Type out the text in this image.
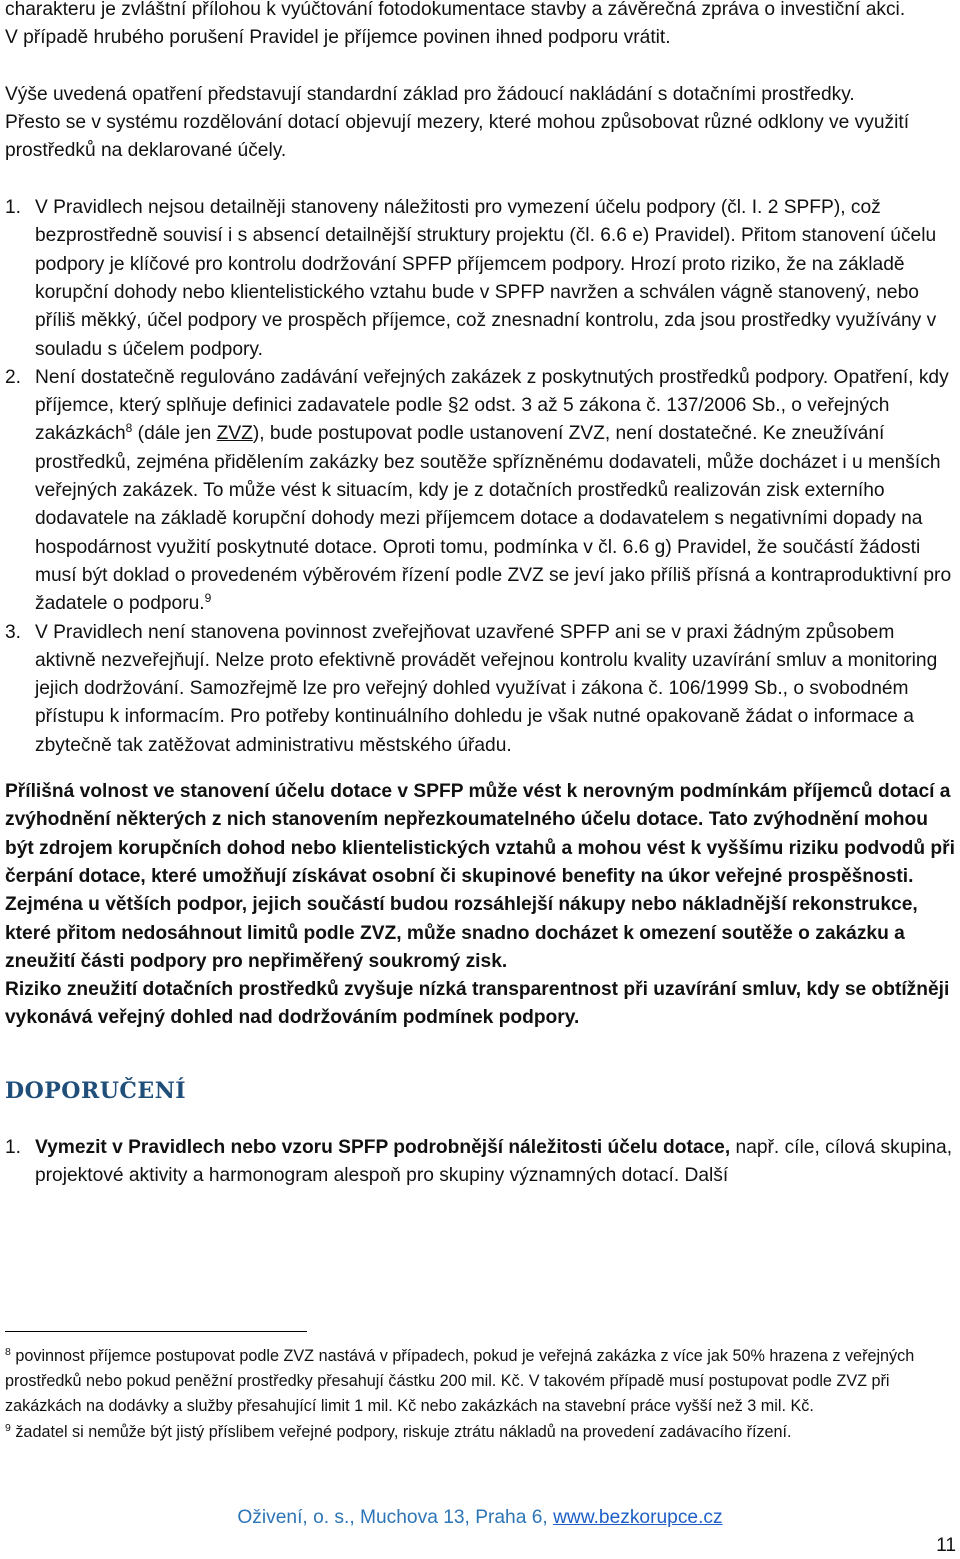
charakteru je zvláštní přílohou k vyúčtování fotodokumentace stavby a závěrečná zpráva o investiční akci.

V případě hrubého porušení Pravidel je příjemce povinen ihned podporu vrátit.

Výše uvedená opatření představují standardní základ pro žádoucí nakládání s dotačními prostředky.

Přesto se v systému rozdělování dotací objevují mezery, které mohou způsobovat různé odklony ve využití prostředků na deklarované účely.

1. V Pravidlech nejsou detailněji stanoveny náležitosti pro vymezení účelu podpory (čl. I. 2 SPFP), což bezprostředně souvisí i s absencí detailnější struktury projektu (čl. 6.6 e) Pravidel). Přitom stanovení účelu podpory je klíčové pro kontrolu dodržování SPFP příjemcem podpory. Hrozí proto riziko, že na základě korupční dohody nebo klientelistického vztahu bude v SPFP navržen a schválen vágně stanovený, nebo příliš měkký, účel podpory ve prospěch příjemce, což znesnadní kontrolu, zda jsou prostředky využívány v souladu s účelem podpory.
2. Není dostatečně regulováno zadávání veřejných zakázek z poskytnutých prostředků podpory. Opatření, kdy příjemce, který splňuje definici zadavatele podle §2 odst. 3 až 5 zákona č. 137/2006 Sb., o veřejných zakázkách$^8$ (dále jen ZVZ), bude postupovat podle ustanovení ZVZ, není dostatečné. Ke zneužívání prostředků, zejména přidělením zakázky bez soutěže spřízněnému dodavateli, může docházet i u menších veřejných zakázek. To může vést k situacím, kdy je z dotačních prostředků realizován zisk externího dodavatele na základě korupční dohody mezi příjemcem dotace a dodavatelem s negativními dopady na hospodárnost využití poskytnuté dotace. Oproti tomu, podmínka v čl. 6.6 g) Pravidel, že součástí žádosti musí být doklad o provedeném výběrovém řízení podle ZVZ se jeví jako příliš přísná a kontraproduktivní pro žadatele o podporu.$^9$
3. V Pravidlech není stanovena povinnost zveřejňovat uzavřené SPFP ani se v praxi žádným způsobem aktivně nezveřejňují. Nelze proto efektivně provádět veřejnou kontrolu kvality uzavírání smluv a monitoring jejich dodržování. Samozřejmě lze pro veřejný dohled využívat i zákona č. 106/1999 Sb., o svobodném přístupu k informacím. Pro potřeby kontinuálního dohledu je však nutné opakovaně žádat o informace a zbytečně tak zatěžovat administrativu městského úřadu.

Přílišná volnost ve stanovení účelu dotace v SPFP může vést k nerovným podmínkám příjemců dotací a zvýhodnění některých z nich stanovením nepřezkoumatelného účelu dotace. Tato zvýhodnění mohou být zdrojem korupčních dohod nebo klientelistických vztahů a mohou vést k vyššímu riziku podvodů při čerpání dotace, které umožňují získávat osobní či skupinové benefity na úkor veřejné prospěšnosti.

Zejména u větších podpor, jejich součástí budou rozsáhlejší nákupy nebo nákladnější rekonstrukce, které přitom nedosáhnout limitů podle ZVZ, může snadno docházet k omezení soutěže o zakázku a zneužití části podpory pro nepřiměřený soukromý zisk.

Riziko zneužití dotačních prostředků zvyšuje nízká transparentnost při uzavírání smluv, kdy se obtížněji vykonává veřejný dohled nad dodržováním podmínek podpory.

DOPORUČENÍ
1. Vymezit v Pravidlech nebo vzoru SPFP podrobnější náležitosti účelu dotace, např. cíle, cílová skupina, projektové aktivity a harmonogram alespoň pro skupiny významných dotací. Další

$^8$ povinnost příjemce postupovat podle ZVZ nastává v případech, pokud je veřejná zakázka z více jak 50% hrazena z veřejných prostředků nebo pokud peněžní prostředky přesahují částku 200 mil. Kč. V takovém případě musí postupovat podle ZVZ při zakázkách na dodávky a služby přesahující limit 1 mil. Kč nebo zakázkách na stavební práce vyšší než 3 mil. Kč.

$^9$ žadatel si nemůže být jistý příslibem veřejné podpory, riskuje ztrátu nákladů na provedení zadávacího řízení.

Oživení, o. s., Muchova 13, Praha 6, www.bezkorupce.cz
11
